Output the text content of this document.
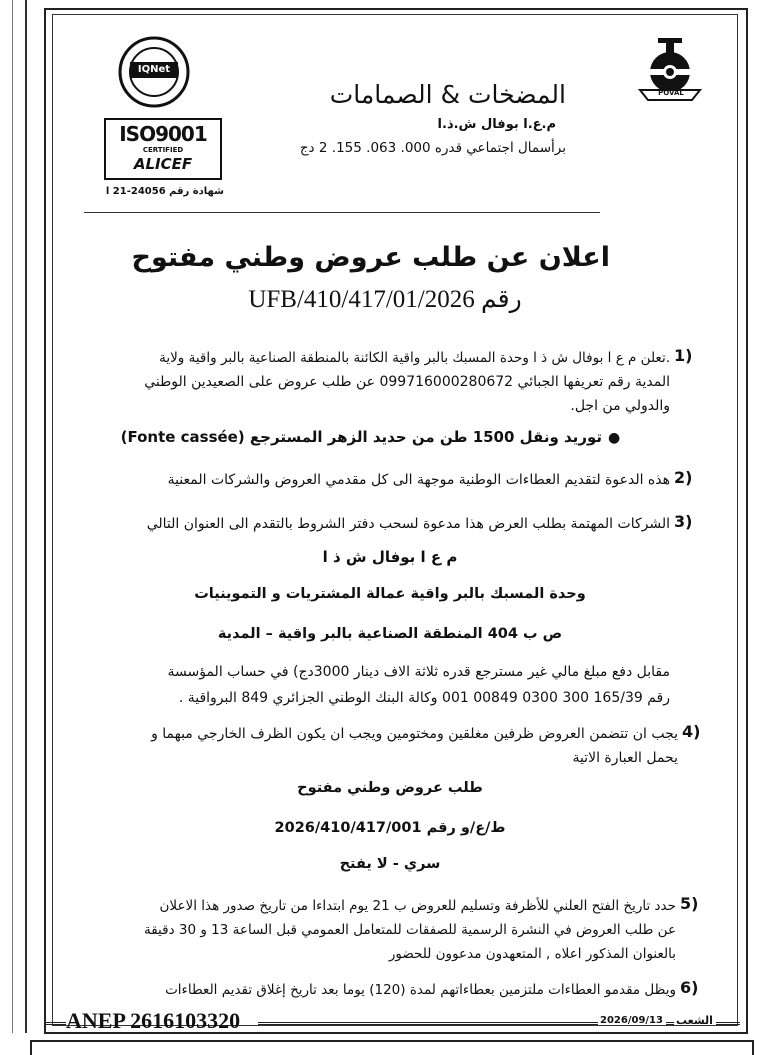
POVAL
IQNet
ISO9001
CERTIFIED
ALICEF
شهادة رقم 24056-21 ا
المضخات & الصمامات
م.ع.ا بوفال ش.ذ.ا
برأسمال اجتماعي قدره 000. 063. 155. 2 دج
اعلان عن طلب عروض وطني مفتوح
رقم 2026/UFB/410/417/01
1)
.تعلن م ع ا بوفال ش ذ ا وحدة المسبك بالبر واقية الكائنة بالمنطقة الصناعية بالبر واقية ولاية
المدية رقم تعريفها الجبائي 099716000280672 عن طلب عروض على الصعيدين الوطني
والدولي من اجل.
●
توريد ونقل 1500 طن من حديد الزهر المسترجع (Fonte cassée)
2)
هذه الدعوة لتقديم العطاءات الوطنية موجهة الى كل مقدمي العروض والشركات المعنية
3)
الشركات المهتمة بطلب العرض هذا مدعوة لسحب دفتر الشروط بالتقدم الى العنوان التالي
م ع ا بوفال ش ذ ا
وحدة المسبك بالبر واقية عمالة المشتريات و التموينيات
ص ب 404 المنطقة الصناعية بالبر واقية – المدية
مقابل دفع مبلغ مالي غير مسترجع قدره ثلاثة الاف دينار 3000دج) في حساب المؤسسة
رقم 165/39 300 0300 00849 001 وكالة البنك الوطني الجزائري 849 البرواقية .
4)
يجب ان تتضمن العروض ظرفين مغلقين ومختومين ويجب ان يكون الظرف الخارجي مبهما و
يحمل العبارة الاتية
طلب عروض وطني مفتوح
ط/ع/و رقم 2026/410/417/001
سري - لا يفتح
5)
حدد تاريخ الفتح العلني للأظرفة وتسليم للعروض ب 21 يوم ابتداءا من تاريخ صدور هذا الاعلان
عن طلب العروض في النشرة الرسمية للصفقات للمتعامل العمومي قبل الساعة 13 و 30 دقيقة
بالعنوان المذكور اعلاه , المتعهدون مدعوون للحضور
6)
ويظل مقدمو العطاءات ملتزمين بعطاءاتهم لمدة (120) يوما بعد تاريخ إغلاق تقديم العطاءات
ANEP 2616103320	2026/09/13 الشعب
